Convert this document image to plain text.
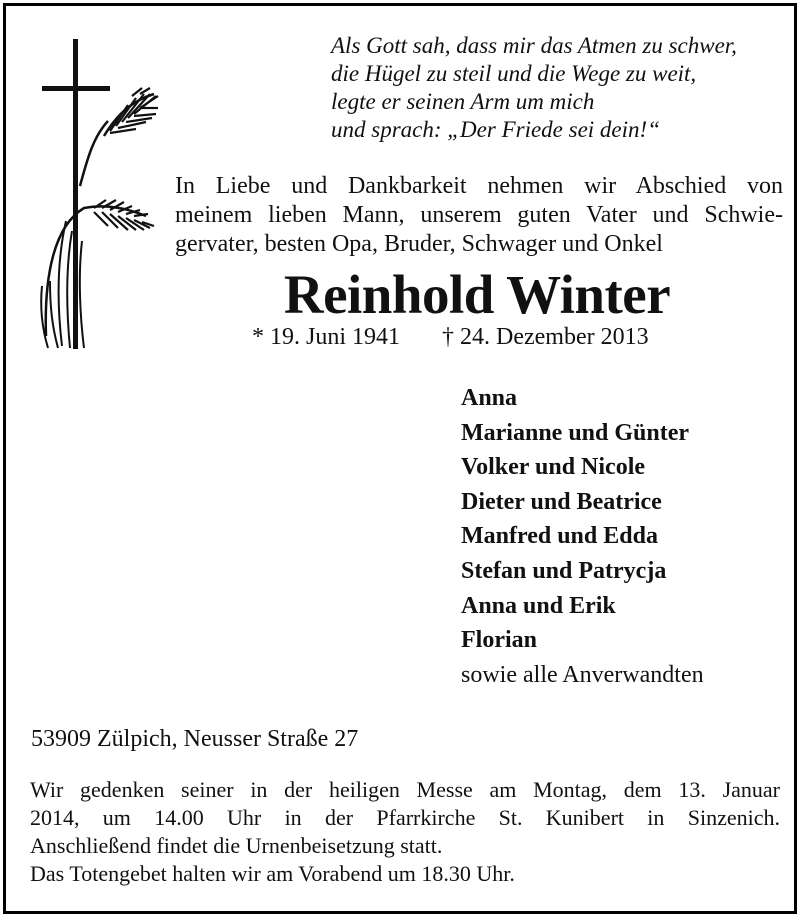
Als Gott sah, dass mir das Atmen zu schwer,
die Hügel zu steil und die Wege zu weit,
legte er seinen Arm um mich
und sprach: „Der Friede sei dein!“
In Liebe und Dankbarkeit nehmen wir Abschied von
meinem lieben Mann, unserem guten Vater und Schwie-
gervater, besten Opa, Bruder, Schwager und Onkel
Reinhold Winter
* 19. Juni 1941 † 24. Dezember 2013
Anna
Marianne und Günter
Volker und Nicole
Dieter und Beatrice
Manfred und Edda
Stefan und Patrycja
Anna und Erik
Florian
sowie alle Anverwandten
53909 Zülpich, Neusser Straße 27
Wir gedenken seiner in der heiligen Messe am Montag, dem 13. Januar
2014, um 14.00 Uhr in der Pfarrkirche St. Kunibert in Sinzenich.
Anschließend findet die Urnenbeisetzung statt.
Das Totengebet halten wir am Vorabend um 18.30 Uhr.
